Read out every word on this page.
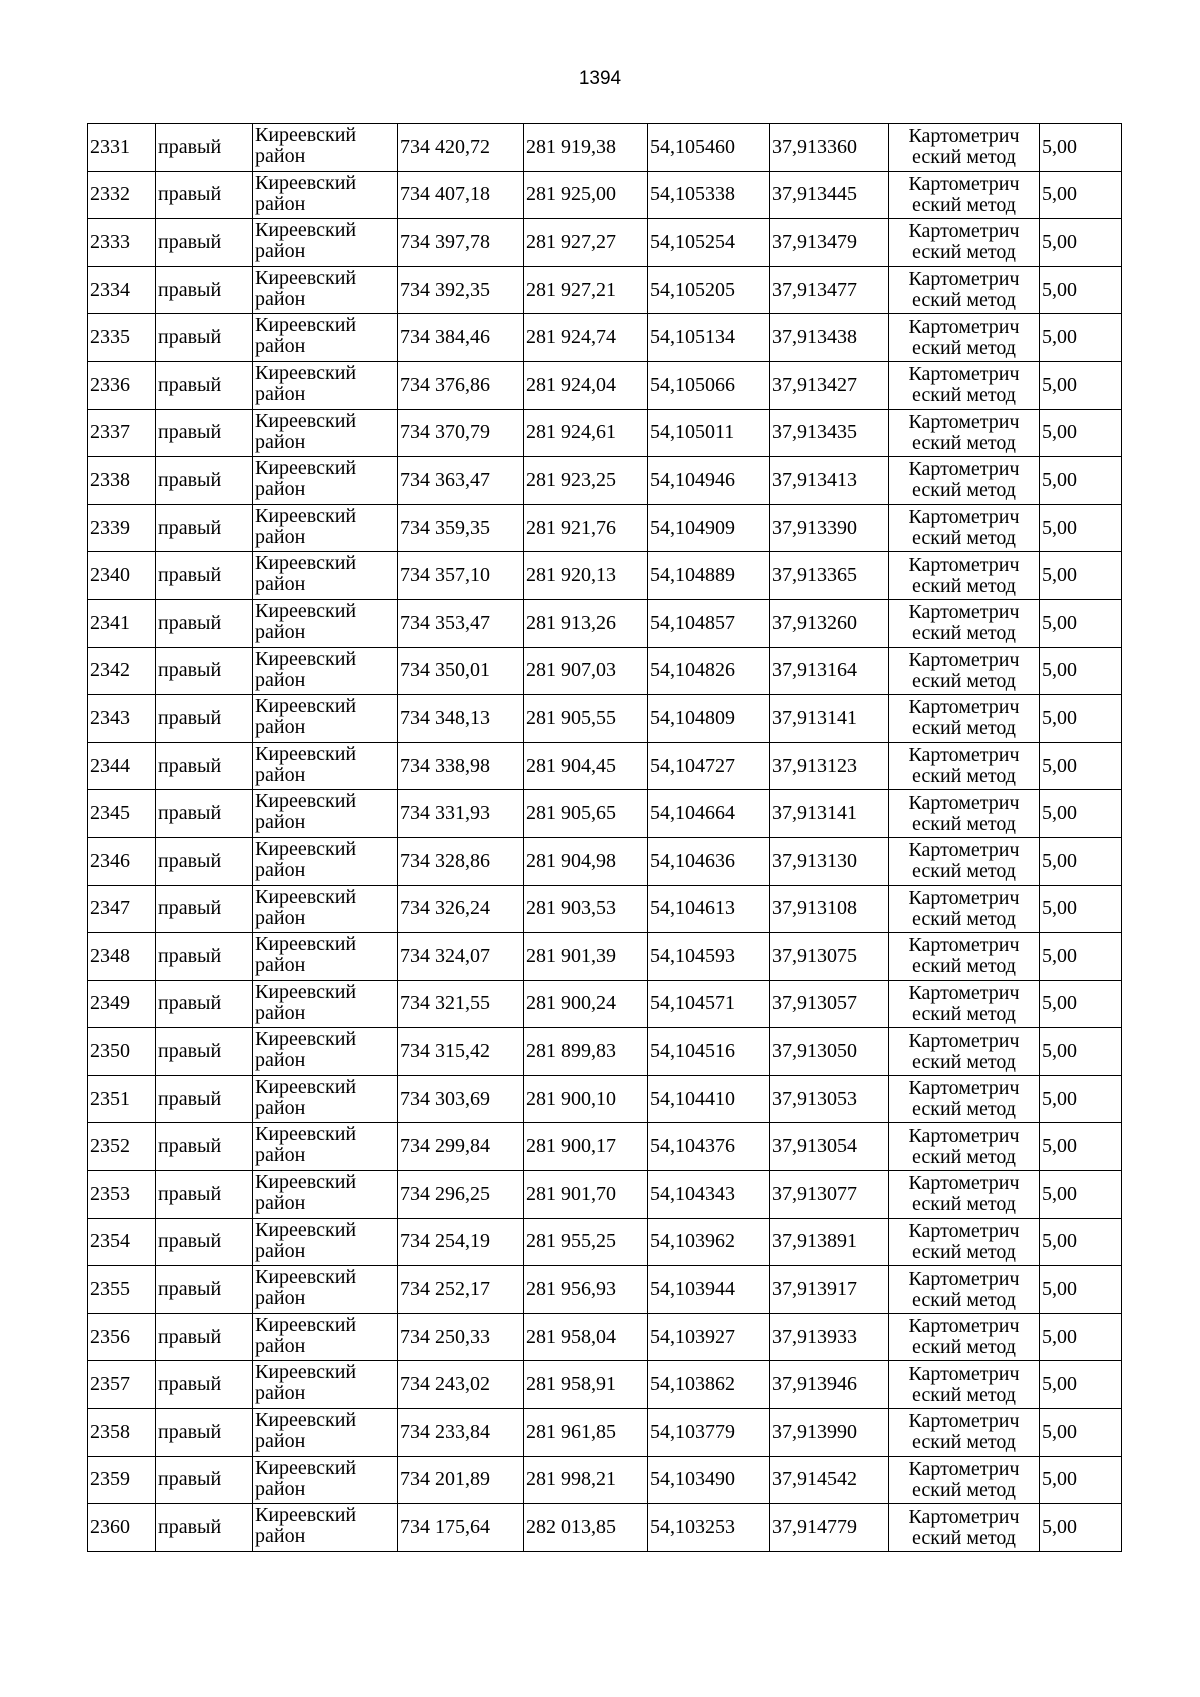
1394
2331	правый	Киреевский район	734 420,72	281 919,38	54,105460	37,913360	Картометрич еский метод	5,00
2332	правый	Киреевский район	734 407,18	281 925,00	54,105338	37,913445	Картометрич еский метод	5,00
2333	правый	Киреевский район	734 397,78	281 927,27	54,105254	37,913479	Картометрич еский метод	5,00
2334	правый	Киреевский район	734 392,35	281 927,21	54,105205	37,913477	Картометрич еский метод	5,00
2335	правый	Киреевский район	734 384,46	281 924,74	54,105134	37,913438	Картометрич еский метод	5,00
2336	правый	Киреевский район	734 376,86	281 924,04	54,105066	37,913427	Картометрич еский метод	5,00
2337	правый	Киреевский район	734 370,79	281 924,61	54,105011	37,913435	Картометрич еский метод	5,00
2338	правый	Киреевский район	734 363,47	281 923,25	54,104946	37,913413	Картометрич еский метод	5,00
2339	правый	Киреевский район	734 359,35	281 921,76	54,104909	37,913390	Картометрич еский метод	5,00
2340	правый	Киреевский район	734 357,10	281 920,13	54,104889	37,913365	Картометрич еский метод	5,00
2341	правый	Киреевский район	734 353,47	281 913,26	54,104857	37,913260	Картометрич еский метод	5,00
2342	правый	Киреевский район	734 350,01	281 907,03	54,104826	37,913164	Картометрич еский метод	5,00
2343	правый	Киреевский район	734 348,13	281 905,55	54,104809	37,913141	Картометрич еский метод	5,00
2344	правый	Киреевский район	734 338,98	281 904,45	54,104727	37,913123	Картометрич еский метод	5,00
2345	правый	Киреевский район	734 331,93	281 905,65	54,104664	37,913141	Картометрич еский метод	5,00
2346	правый	Киреевский район	734 328,86	281 904,98	54,104636	37,913130	Картометрич еский метод	5,00
2347	правый	Киреевский район	734 326,24	281 903,53	54,104613	37,913108	Картометрич еский метод	5,00
2348	правый	Киреевский район	734 324,07	281 901,39	54,104593	37,913075	Картометрич еский метод	5,00
2349	правый	Киреевский район	734 321,55	281 900,24	54,104571	37,913057	Картометрич еский метод	5,00
2350	правый	Киреевский район	734 315,42	281 899,83	54,104516	37,913050	Картометрич еский метод	5,00
2351	правый	Киреевский район	734 303,69	281 900,10	54,104410	37,913053	Картометрич еский метод	5,00
2352	правый	Киреевский район	734 299,84	281 900,17	54,104376	37,913054	Картометрич еский метод	5,00
2353	правый	Киреевский район	734 296,25	281 901,70	54,104343	37,913077	Картометрич еский метод	5,00
2354	правый	Киреевский район	734 254,19	281 955,25	54,103962	37,913891	Картометрич еский метод	5,00
2355	правый	Киреевский район	734 252,17	281 956,93	54,103944	37,913917	Картометрич еский метод	5,00
2356	правый	Киреевский район	734 250,33	281 958,04	54,103927	37,913933	Картометрич еский метод	5,00
2357	правый	Киреевский район	734 243,02	281 958,91	54,103862	37,913946	Картометрич еский метод	5,00
2358	правый	Киреевский район	734 233,84	281 961,85	54,103779	37,913990	Картометрич еский метод	5,00
2359	правый	Киреевский район	734 201,89	281 998,21	54,103490	37,914542	Картометрич еский метод	5,00
2360	правый	Киреевский район	734 175,64	282 013,85	54,103253	37,914779	Картометрич еский метод	5,00
